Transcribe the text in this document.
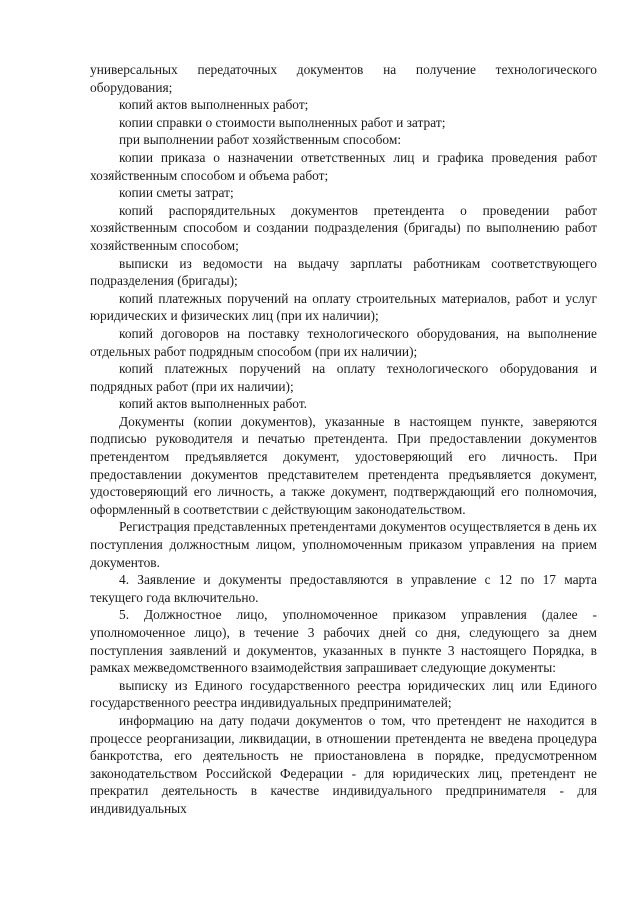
универсальных передаточных документов на получение технологического оборудования;

копий актов выполненных работ;

копии справки о стоимости выполненных работ и затрат;

при выполнении работ хозяйственным способом:

копии приказа о назначении ответственных лиц и графика проведения работ хозяйственным способом и объема работ;

копии сметы затрат;

копий распорядительных документов претендента о проведении работ хозяйственным способом и создании подразделения (бригады) по выполнению работ хозяйственным способом;

выписки из ведомости на выдачу зарплаты работникам соответствующего подразделения (бригады);

копий платежных поручений на оплату строительных материалов, работ и услуг юридических и физических лиц (при их наличии);

копий договоров на поставку технологического оборудования, на выполнение отдельных работ подрядным способом (при их наличии);

копий платежных поручений на оплату технологического оборудования и подрядных работ (при их наличии);

копий актов выполненных работ.

Документы (копии документов), указанные в настоящем пункте, заверяются подписью руководителя и печатью претендента. При предоставлении документов претендентом предъявляется документ, удостоверяющий его личность. При предоставлении документов представителем претендента предъявляется документ, удостоверяющий его личность, а также документ, подтверждающий его полномочия, оформленный в соответствии с действующим законодательством.

Регистрация представленных претендентами документов осуществляется в день их поступления должностным лицом, уполномоченным приказом управления на прием документов.

4. Заявление и документы предоставляются в управление с 12 по 17 марта текущего года включительно.

5. Должностное лицо, уполномоченное приказом управления (далее - уполномоченное лицо), в течение 3 рабочих дней со дня, следующего за днем поступления заявлений и документов, указанных в пункте 3 настоящего Порядка, в рамках межведомственного взаимодействия запрашивает следующие документы:

выписку из Единого государственного реестра юридических лиц или Единого государственного реестра индивидуальных предпринимателей;

информацию на дату подачи документов о том, что претендент не находится в процессе реорганизации, ликвидации, в отношении претендента не введена процедура банкротства, его деятельность не приостановлена в порядке, предусмотренном законодательством Российской Федерации - для юридических лиц, претендент не прекратил деятельность в качестве индивидуального предпринимателя - для индивидуальных
